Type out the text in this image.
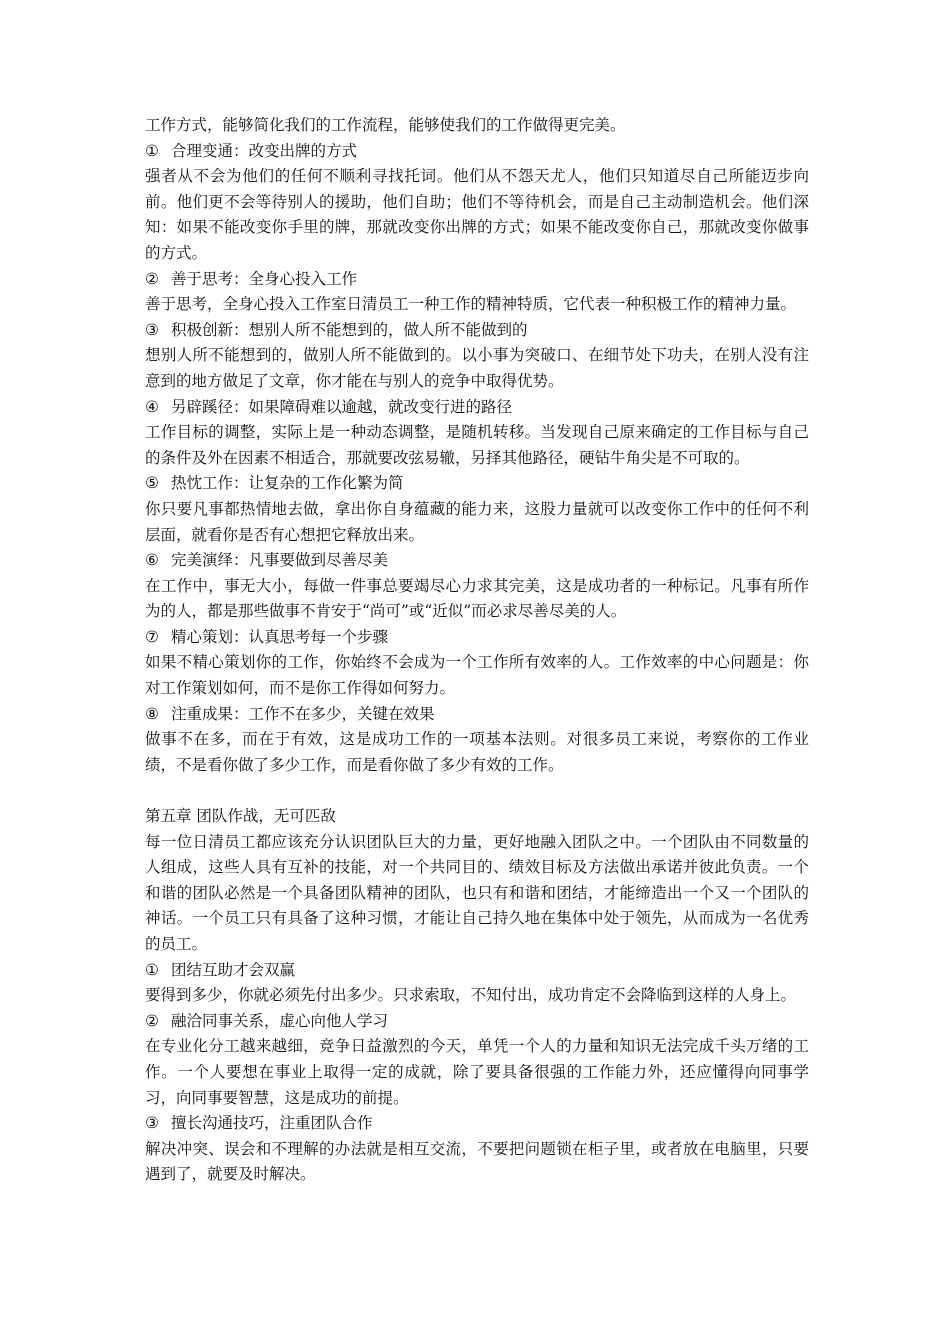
工作方式，能够简化我们的工作流程，能够使我们的工作做得更完美。

① 合理变通：改变出牌的方式

强者从不会为他们的任何不顺利寻找托词。他们从不怨天尤人，他们只知道尽自己所能迈步向前。他们更不会等待别人的援助，他们自助；他们不等待机会，而是自己主动制造机会。他们深知：如果不能改变你手里的牌，那就改变你出牌的方式；如果不能改变你自己，那就改变你做事的方式。

② 善于思考：全身心投入工作

善于思考，全身心投入工作室日清员工一种工作的精神特质，它代表一种积极工作的精神力量。

③ 积极创新：想别人所不能想到的，做人所不能做到的

想别人所不能想到的，做别人所不能做到的。以小事为突破口、在细节处下功夫，在别人没有注意到的地方做足了文章，你才能在与别人的竞争中取得优势。

④ 另辟蹊径：如果障碍难以逾越，就改变行进的路径

工作目标的调整，实际上是一种动态调整，是随机转移。当发现自己原来确定的工作目标与自己的条件及外在因素不相适合，那就要改弦易辙，另择其他路径，硬钻牛角尖是不可取的。

⑤ 热忱工作：让复杂的工作化繁为简

你只要凡事都热情地去做，拿出你自身蕴藏的能力来，这股力量就可以改变你工作中的任何不利层面，就看你是否有心想把它释放出来。

⑥ 完美演绎：凡事要做到尽善尽美

在工作中，事无大小，每做一件事总要竭尽心力求其完美，这是成功者的一种标记。凡事有所作为的人，都是那些做事不肯安于“尚可”或“近似”而必求尽善尽美的人。

⑦ 精心策划：认真思考每一个步骤

如果不精心策划你的工作，你始终不会成为一个工作所有效率的人。工作效率的中心问题是：你对工作策划如何，而不是你工作得如何努力。

⑧ 注重成果：工作不在多少，关键在效果

做事不在多，而在于有效，这是成功工作的一项基本法则。对很多员工来说，考察你的工作业绩，不是看你做了多少工作，而是看你做了多少有效的工作。

第五章 团队作战，无可匹敌

每一位日清员工都应该充分认识团队巨大的力量，更好地融入团队之中。一个团队由不同数量的人组成，这些人具有互补的技能，对一个共同目的、绩效目标及方法做出承诺并彼此负责。一个和谐的团队必然是一个具备团队精神的团队，也只有和谐和团结，才能缔造出一个又一个团队的神话。一个员工只有具备了这种习惯，才能让自己持久地在集体中处于领先，从而成为一名优秀的员工。

① 团结互助才会双赢

要得到多少，你就必须先付出多少。只求索取，不知付出，成功肯定不会降临到这样的人身上。

② 融洽同事关系，虚心向他人学习

在专业化分工越来越细，竞争日益激烈的今天，单凭一个人的力量和知识无法完成千头万绪的工作。一个人要想在事业上取得一定的成就，除了要具备很强的工作能力外，还应懂得向同事学习，向同事要智慧，这是成功的前提。

③ 擅长沟通技巧，注重团队合作

解决冲突、误会和不理解的办法就是相互交流，不要把问题锁在柜子里，或者放在电脑里，只要遇到了，就要及时解决。
